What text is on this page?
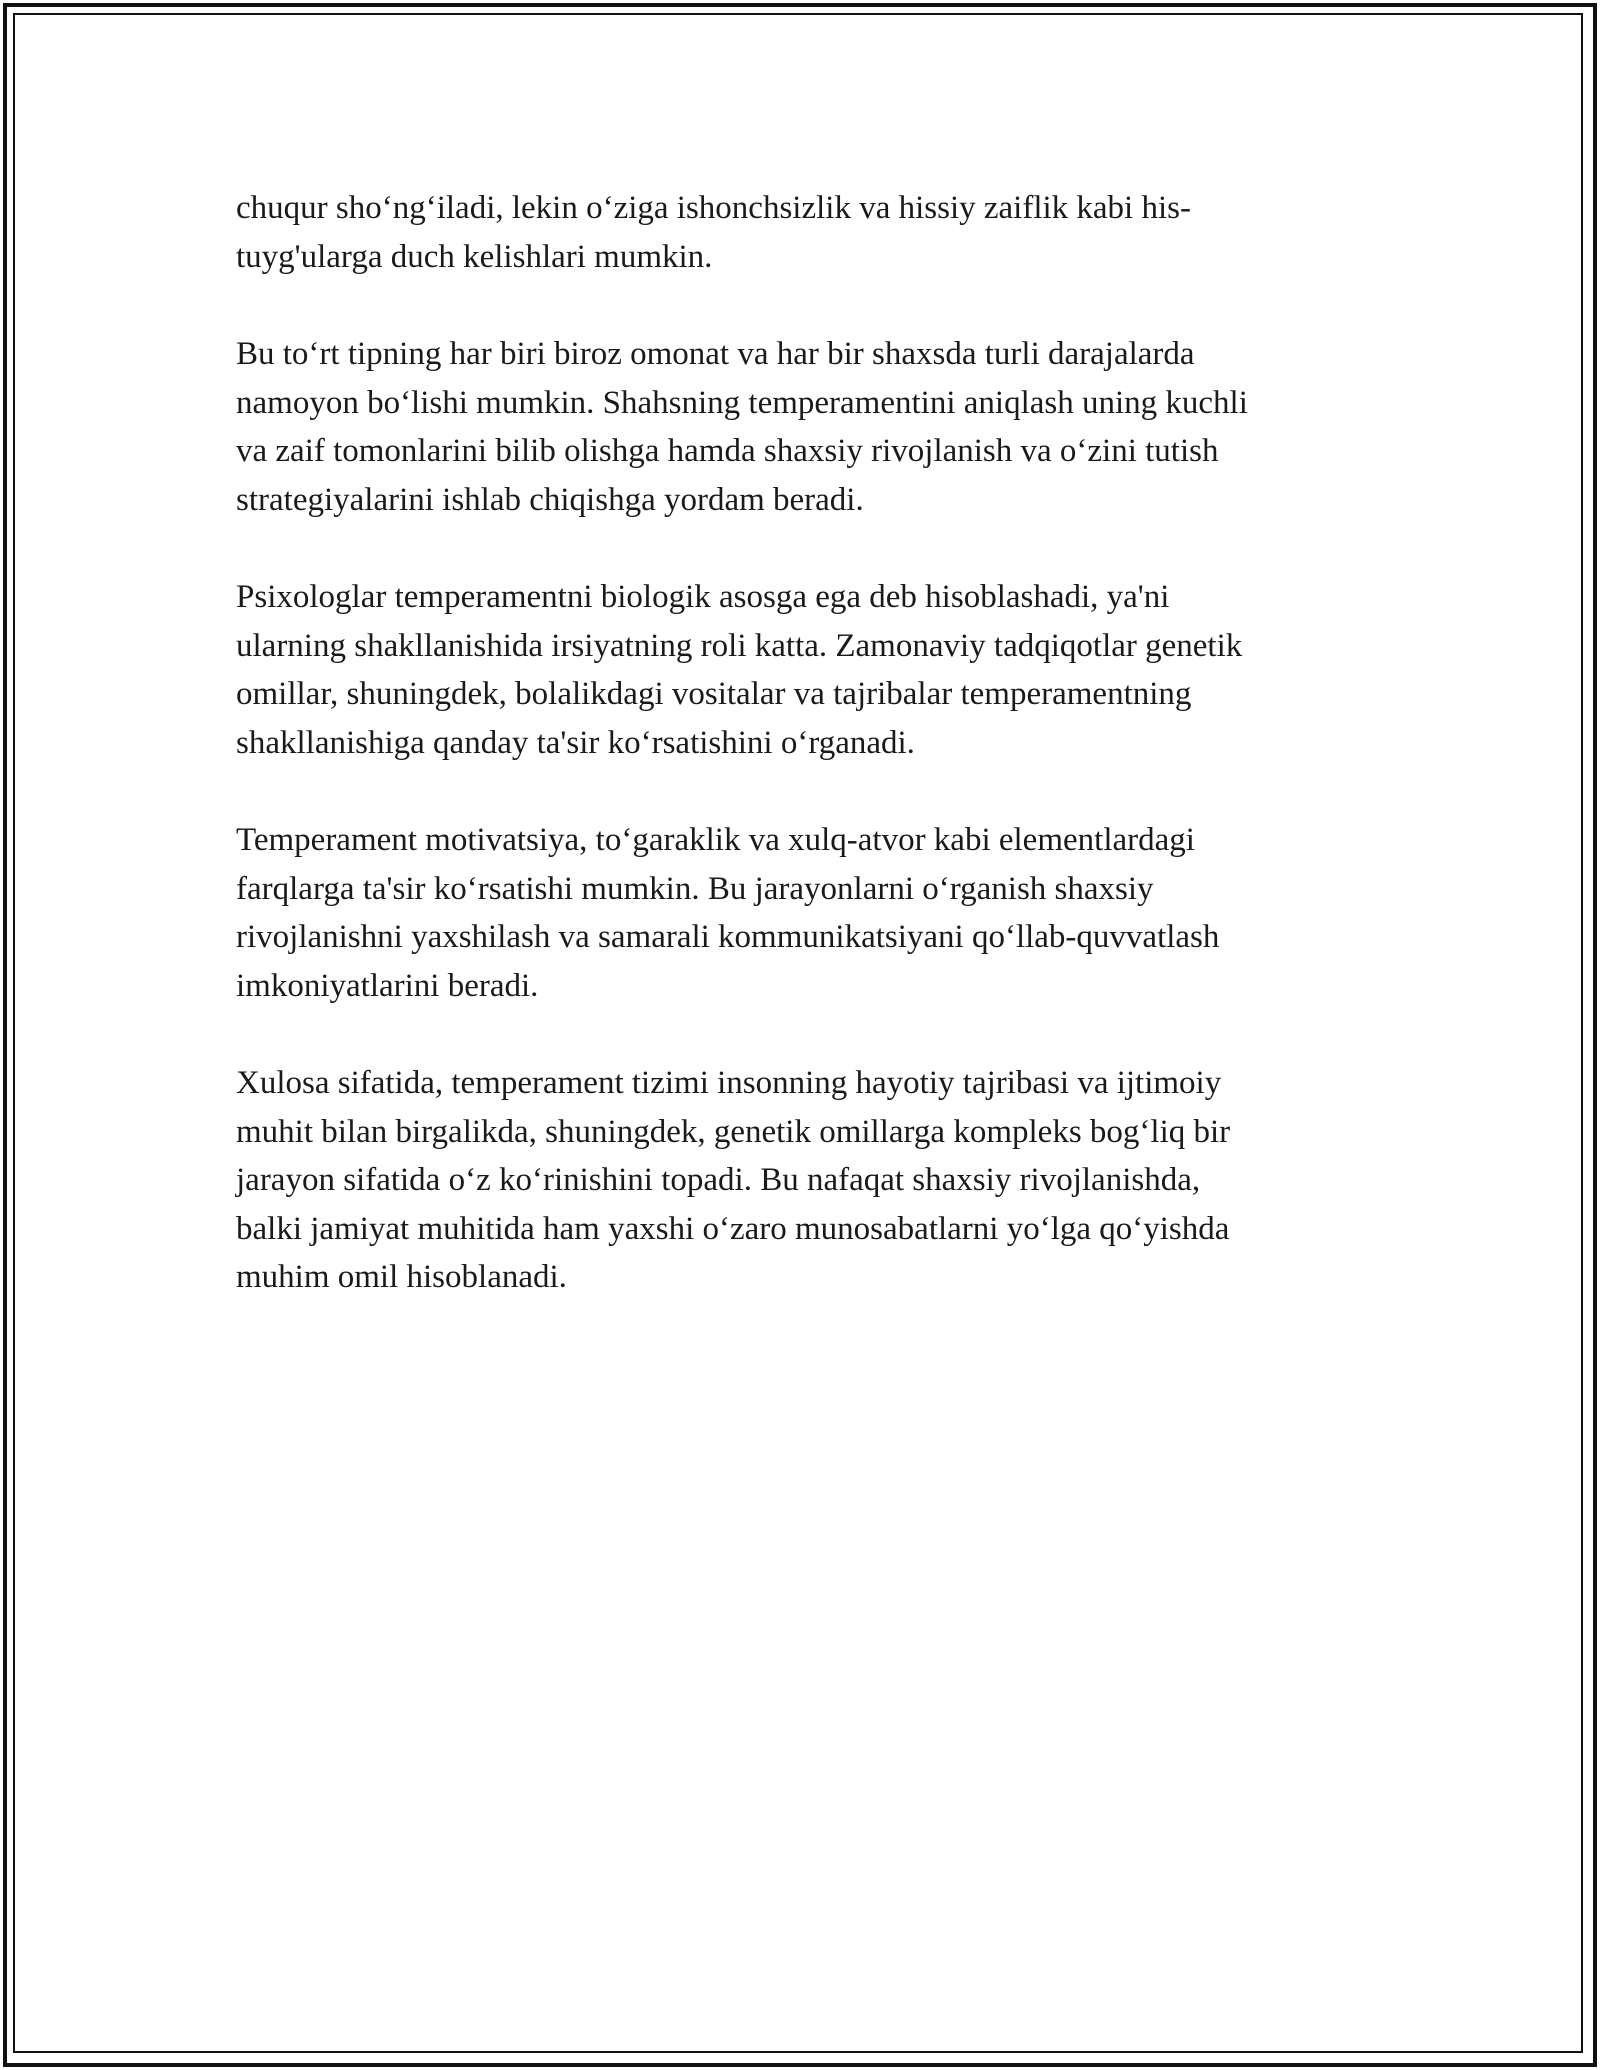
chuqur sho‘ng‘iladi, lekin o‘ziga ishonchsizlik va hissiy zaiflik kabi his-
tuyg'ularga duch kelishlari mumkin.

Bu to‘rt tipning har biri biroz omonat va har bir shaxsda turli darajalarda
namoyon bo‘lishi mumkin. Shahsning temperamentini aniqlash uning kuchli
va zaif tomonlarini bilib olishga hamda shaxsiy rivojlanish va o‘zini tutish
strategiyalarini ishlab chiqishga yordam beradi.

Psixologlar temperamentni biologik asosga ega deb hisoblashadi, ya'ni
ularning shakllanishida irsiyatning roli katta. Zamonaviy tadqiqotlar genetik
omillar, shuningdek, bolalikdagi vositalar va tajribalar temperamentning
shakllanishiga qanday ta'sir ko‘rsatishini o‘rganadi.

Temperament motivatsiya, to‘garaklik va xulq-atvor kabi elementlardagi
farqlarga ta'sir ko‘rsatishi mumkin. Bu jarayonlarni o‘rganish shaxsiy
rivojlanishni yaxshilash va samarali kommunikatsiyani qo‘llab-quvvatlash
imkoniyatlarini beradi.

Xulosa sifatida, temperament tizimi insonning hayotiy tajribasi va ijtimoiy
muhit bilan birgalikda, shuningdek, genetik omillarga kompleks bog‘liq bir
jarayon sifatida o‘z ko‘rinishini topadi. Bu nafaqat shaxsiy rivojlanishda,
balki jamiyat muhitida ham yaxshi o‘zaro munosabatlarni yo‘lga qo‘yishda
muhim omil hisoblanadi.
